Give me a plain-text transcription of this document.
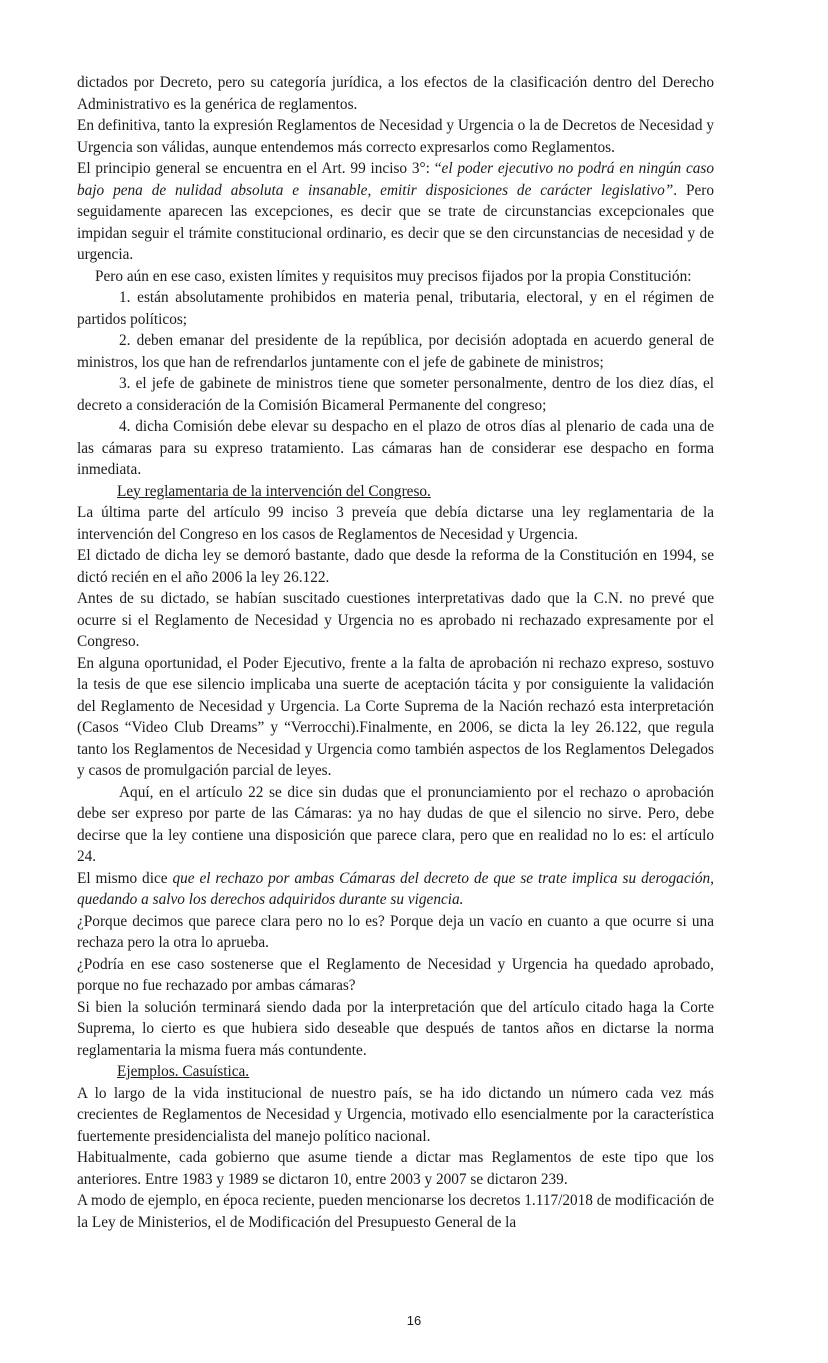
dictados por Decreto, pero su categoría jurídica, a los efectos de la clasificación dentro del Derecho Administrativo es la genérica de reglamentos.

En definitiva, tanto la expresión Reglamentos de Necesidad y Urgencia o la de Decretos de Necesidad y Urgencia son válidas, aunque entendemos más correcto expresarlos como Reglamentos.

El principio general se encuentra en el Art. 99 inciso 3°: “el poder ejecutivo no podrá en ningún caso bajo pena de nulidad absoluta e insanable, emitir disposiciones de carácter legislativo”. Pero seguidamente aparecen las excepciones, es decir que se trate de circunstancias excepcionales que impidan seguir el trámite constitucional ordinario, es decir que se den circunstancias de necesidad y de urgencia.

Pero aún en ese caso, existen límites y requisitos muy precisos fijados por la propia Constitución:

1. están absolutamente prohibidos en materia penal, tributaria, electoral, y en el régimen de partidos políticos;

2. deben emanar del presidente de la república, por decisión adoptada en acuerdo general de ministros, los que han de refrendarlos juntamente con el jefe de gabinete de ministros;

3. el jefe de gabinete de ministros tiene que someter personalmente, dentro de los diez días, el decreto a consideración de la Comisión Bicameral Permanente del congreso;

4. dicha Comisión debe elevar su despacho en el plazo de otros días al plenario de cada una de las cámaras para su expreso tratamiento. Las cámaras han de considerar ese despacho en forma inmediata.

Ley reglamentaria de la intervención del Congreso.

La última parte del artículo 99 inciso 3 preveía que debía dictarse una ley reglamentaria de la intervención del Congreso en los casos de Reglamentos de Necesidad y Urgencia.

El dictado de dicha ley se demoró bastante, dado que desde la reforma de la Constitución en 1994, se dictó recién en el año 2006 la ley 26.122.

Antes de su dictado, se habían suscitado cuestiones interpretativas dado que la C.N. no prevé que ocurre si el Reglamento de Necesidad y Urgencia no es aprobado ni rechazado expresamente por el Congreso.

En alguna oportunidad, el Poder Ejecutivo, frente a la falta de aprobación ni rechazo expreso, sostuvo la tesis de que ese silencio implicaba una suerte de aceptación tácita y por consiguiente la validación del Reglamento de Necesidad y Urgencia. La Corte Suprema de la Nación rechazó esta interpretación (Casos “Video Club Dreams” y “Verrocchi).Finalmente, en 2006, se dicta la ley 26.122, que regula tanto los Reglamentos de Necesidad y Urgencia como también aspectos de los Reglamentos Delegados y casos de promulgación parcial de leyes.

Aquí, en el artículo 22 se dice sin dudas que el pronunciamiento por el rechazo o aprobación debe ser expreso por parte de las Cámaras: ya no hay dudas de que el silencio no sirve. Pero, debe decirse que la ley contiene una disposición que parece clara, pero que en realidad no lo es: el artículo 24.

El mismo dice que el rechazo por ambas Cámaras del decreto de que se trate implica su derogación, quedando a salvo los derechos adquiridos durante su vigencia.

¿Porque decimos que parece clara pero no lo es? Porque deja un vacío en cuanto a que ocurre si una rechaza pero la otra lo aprueba.

¿Podría en ese caso sostenerse que el Reglamento de Necesidad y Urgencia ha quedado aprobado, porque no fue rechazado por ambas cámaras?

Si bien la solución terminará siendo dada por la interpretación que del artículo citado haga la Corte Suprema, lo cierto es que hubiera sido deseable que después de tantos años en dictarse la norma reglamentaria la misma fuera más contundente.

Ejemplos. Casuística.

A lo largo de la vida institucional de nuestro país, se ha ido dictando un número cada vez más crecientes de Reglamentos de Necesidad y Urgencia, motivado ello esencialmente por la característica fuertemente presidencialista del manejo político nacional.

Habitualmente, cada gobierno que asume tiende a dictar mas Reglamentos de este tipo que los anteriores. Entre 1983 y 1989 se dictaron 10, entre 2003 y 2007 se dictaron 239.

A modo de ejemplo, en época reciente, pueden mencionarse los decretos 1.117/2018 de modificación de la Ley de Ministerios, el de Modificación del Presupuesto General de la

16
